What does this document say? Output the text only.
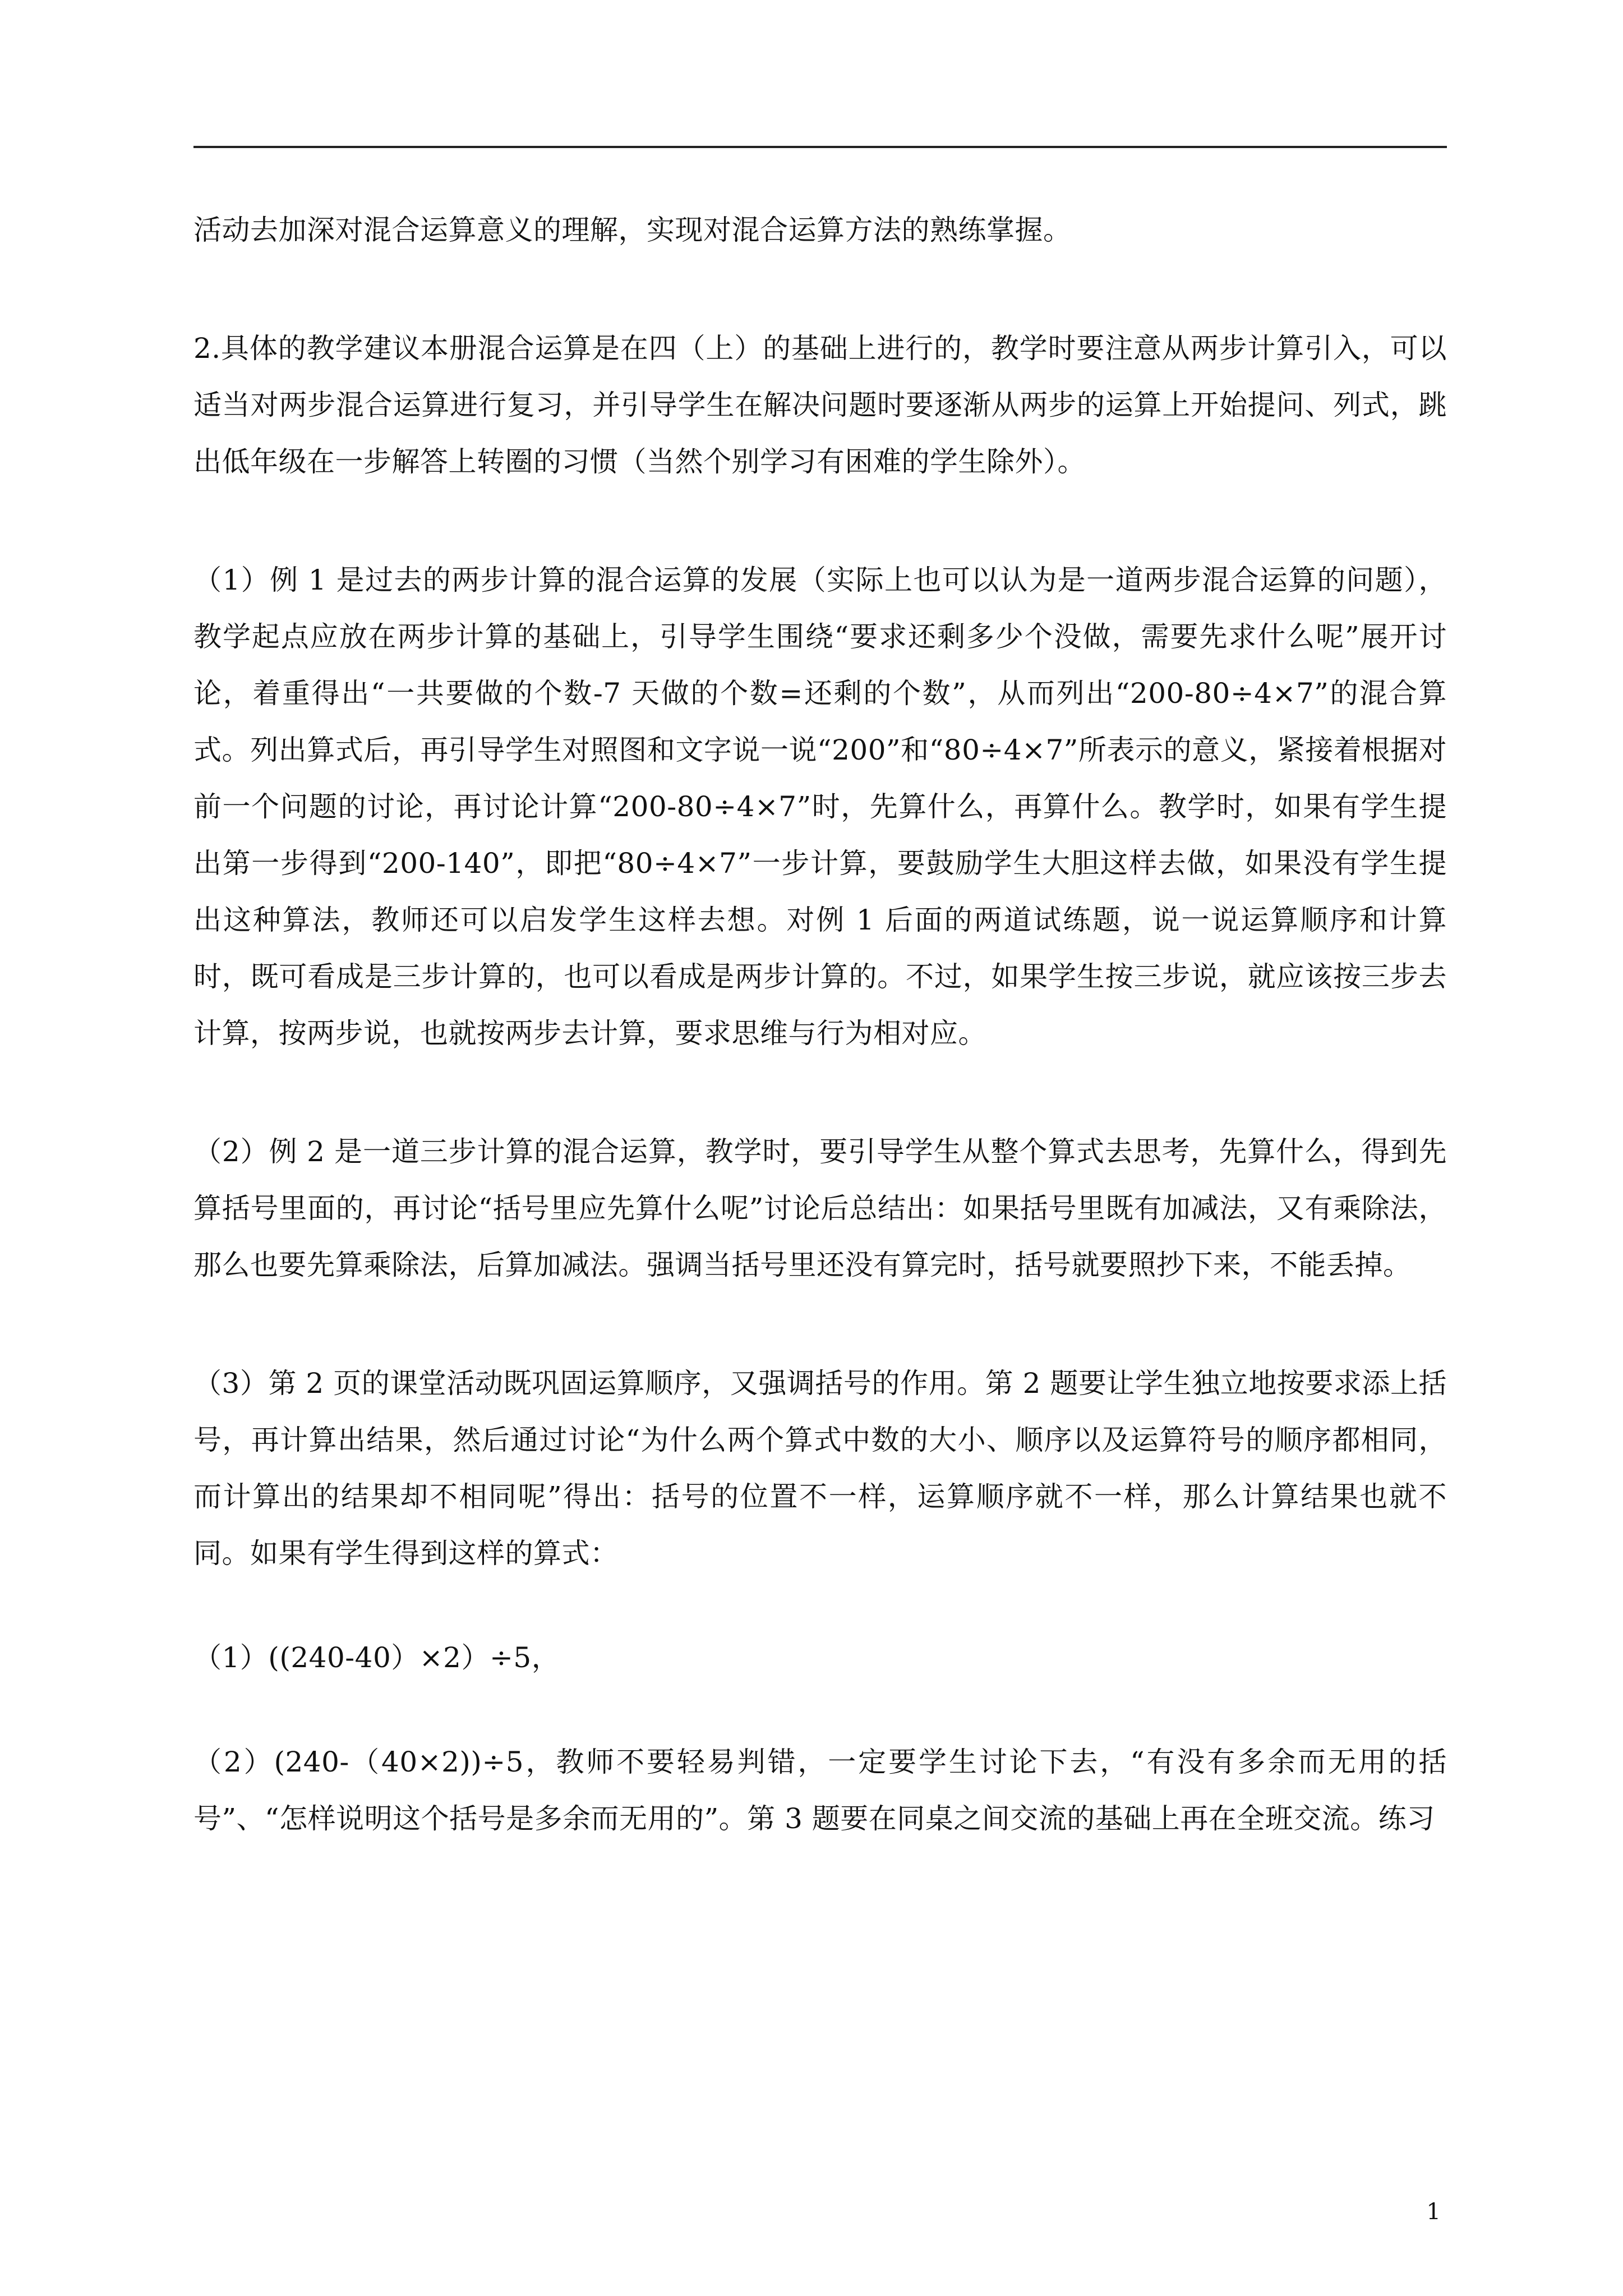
活动去加深对混合运算意义的理解，实现对混合运算方法的熟练掌握。

2.具体的教学建议本册混合运算是在四（上）的基础上进行的，教学时要注意从两步计算引入，可以适当对两步混合运算进行复习，并引导学生在解决问题时要逐渐从两步的运算上开始提问、列式，跳出低年级在一步解答上转圈的习惯（当然个别学习有困难的学生除外）。

（1）例 1 是过去的两步计算的混合运算的发展（实际上也可以认为是一道两步混合运算的问题），教学起点应放在两步计算的基础上，引导学生围绕“要求还剩多少个没做，需要先求什么呢”展开讨论，着重得出“一共要做的个数-7 天做的个数=还剩的个数”，从而列出“200-80÷4×7”的混合算式。列出算式后，再引导学生对照图和文字说一说“200”和“80÷4×7”所表示的意义，紧接着根据对前一个问题的讨论，再讨论计算“200-80÷4×7”时，先算什么，再算什么。教学时，如果有学生提出第一步得到“200-140”，即把“80÷4×7”一步计算，要鼓励学生大胆这样去做，如果没有学生提出这种算法，教师还可以启发学生这样去想。对例 1 后面的两道试练题，说一说运算顺序和计算时，既可看成是三步计算的，也可以看成是两步计算的。不过，如果学生按三步说，就应该按三步去计算，按两步说，也就按两步去计算，要求思维与行为相对应。

（2）例 2 是一道三步计算的混合运算，教学时，要引导学生从整个算式去思考，先算什么，得到先算括号里面的，再讨论“括号里应先算什么呢”讨论后总结出：如果括号里既有加减法，又有乘除法，那么也要先算乘除法，后算加减法。强调当括号里还没有算完时，括号就要照抄下来，不能丢掉。

（3）第 2 页的课堂活动既巩固运算顺序，又强调括号的作用。第 2 题要让学生独立地按要求添上括号，再计算出结果，然后通过讨论“为什么两个算式中数的大小、顺序以及运算符号的顺序都相同，而计算出的结果却不相同呢”得出：括号的位置不一样，运算顺序就不一样，那么计算结果也就不同。如果有学生得到这样的算式：

（1）((240-40）×2）÷5，

（2）(240-（40×2))÷5，教师不要轻易判错，一定要学生讨论下去，“有没有多余而无用的括号”、“怎样说明这个括号是多余而无用的”。第 3 题要在同桌之间交流的基础上再在全班交流。练习

1
